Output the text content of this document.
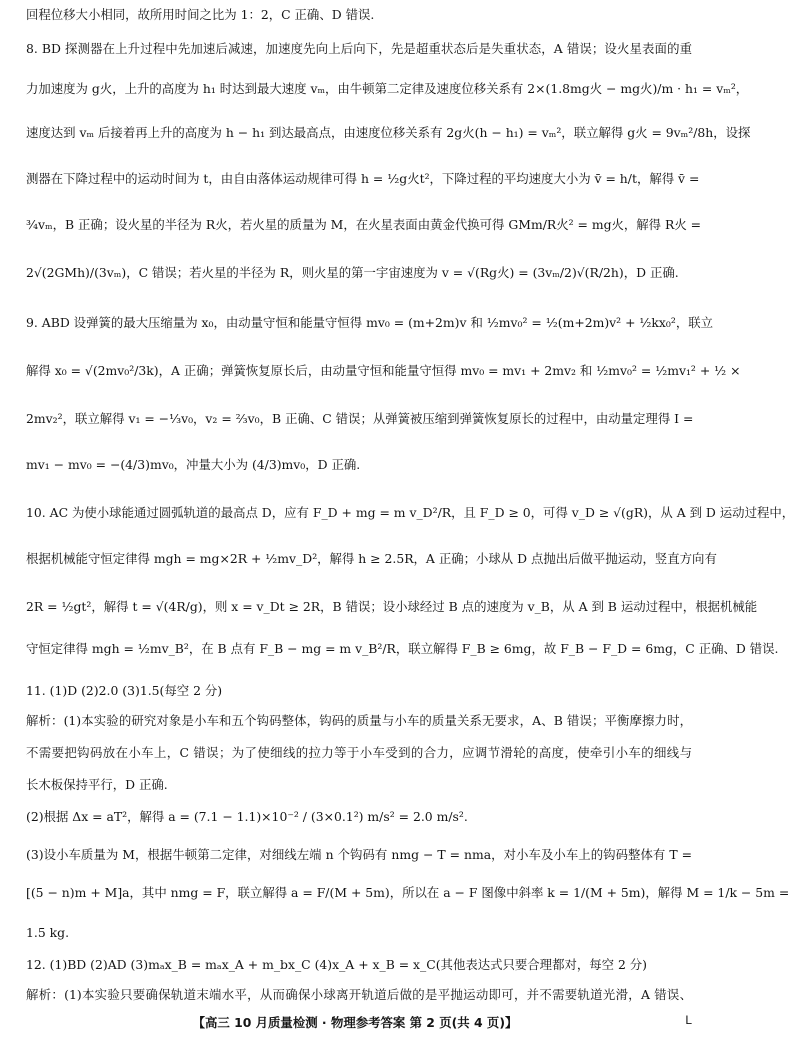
回程位移大小相同，故所用时间之比为 1：2，C 正确、D 错误.
8. BD 探测器在上升过程中先加速后减速，加速度先向上后向下，先是超重状态后是失重状态，A 错误；设火星表面的重
力加速度为 g火，上升的高度为 h₁ 时达到最大速度 vₘ，由牛顿第二定律及速度位移关系有 2×(1.8mg火 − mg火)/m · h₁ = vₘ²，
速度达到 vₘ 后接着再上升的高度为 h − h₁ 到达最高点，由速度位移关系有 2g火(h − h₁) = vₘ²，联立解得 g火 = 9vₘ²/8h，设探
测器在下降过程中的运动时间为 t，由自由落体运动规律可得 h = ½g火t²，下降过程的平均速度大小为 v̄ = h/t，解得 v̄ =
¾vₘ，B 正确；设火星的半径为 R火，若火星的质量为 M，在火星表面由黄金代换可得 GMm/R火² = mg火，解得 R火 =
2√(2GMh)/(3vₘ)，C 错误；若火星的半径为 R，则火星的第一宇宙速度为 v = √(Rg火) = (3vₘ/2)√(R/2h)，D 正确.
9. ABD 设弹簧的最大压缩量为 x₀，由动量守恒和能量守恒得 mv₀ = (m+2m)v 和 ½mv₀² = ½(m+2m)v² + ½kx₀²，联立
解得 x₀ = √(2mv₀²/3k)，A 正确；弹簧恢复原长后，由动量守恒和能量守恒得 mv₀ = mv₁ + 2mv₂ 和 ½mv₀² = ½mv₁² + ½ ×
2mv₂²，联立解得 v₁ = −⅓v₀，v₂ = ⅔v₀，B 正确、C 错误；从弹簧被压缩到弹簧恢复原长的过程中，由动量定理得 I =
mv₁ − mv₀ = −(4/3)mv₀，冲量大小为 (4/3)mv₀，D 正确.
10. AC 为使小球能通过圆弧轨道的最高点 D，应有 F_D + mg = m v_D²/R，且 F_D ≥ 0，可得 v_D ≥ √(gR)，从 A 到 D 运动过程中，
根据机械能守恒定律得 mgh = mg×2R + ½mv_D²，解得 h ≥ 2.5R，A 正确；小球从 D 点抛出后做平抛运动，竖直方向有
2R = ½gt²，解得 t = √(4R/g)，则 x = v_Dt ≥ 2R，B 错误；设小球经过 B 点的速度为 v_B，从 A 到 B 运动过程中，根据机械能
守恒定律得 mgh = ½mv_B²，在 B 点有 F_B − mg = m v_B²/R，联立解得 F_B ≥ 6mg，故 F_B − F_D = 6mg，C 正确、D 错误.
11. (1)D (2)2.0 (3)1.5(每空 2 分)
解析：(1)本实验的研究对象是小车和五个钩码整体，钩码的质量与小车的质量关系无要求，A、B 错误；平衡摩擦力时，
不需要把钩码放在小车上，C 错误；为了使细线的拉力等于小车受到的合力，应调节滑轮的高度，使牵引小车的细线与
长木板保持平行，D 正确.
(2)根据 Δx = aT²，解得 a = (7.1 − 1.1)×10⁻² / (3×0.1²) m/s² = 2.0 m/s².
(3)设小车质量为 M，根据牛顿第二定律，对细线左端 n 个钩码有 nmg − T = nma，对小车及小车上的钩码整体有 T =
[(5 − n)m + M]a，其中 nmg = F，联立解得 a = F/(M + 5m)，所以在 a − F 图像中斜率 k = 1/(M + 5m)，解得 M = 1/k − 5m =
1.5 kg.
12. (1)BD (2)AD (3)mₐx_B = mₐx_A + m_bx_C (4)x_A + x_B = x_C(其他表达式只要合理都对，每空 2 分)
解析：(1)本实验只要确保轨道末端水平，从而确保小球离开轨道后做的是平抛运动即可，并不需要轨道光滑，A 错误、
【高三 10 月质量检测 · 物理参考答案 第 2 页(共 4 页)】	L
